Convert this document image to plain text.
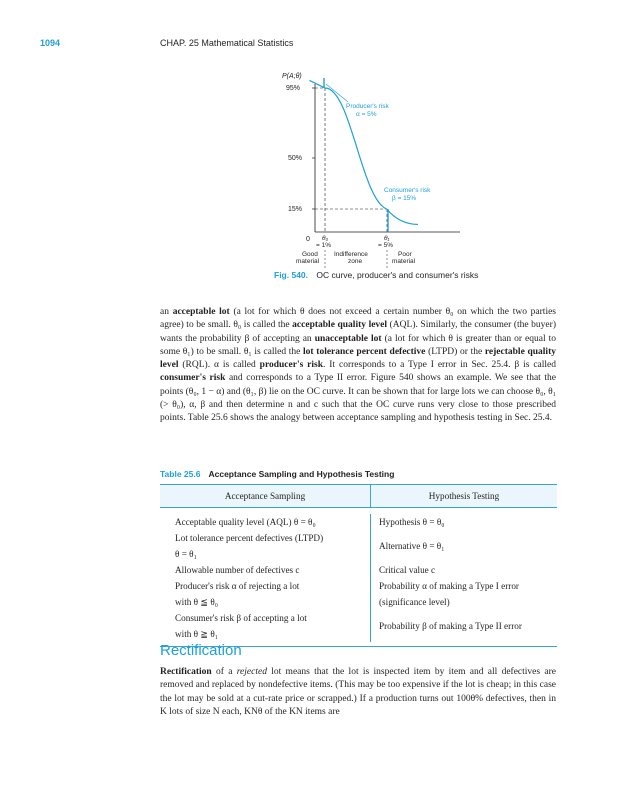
1094	CHAP. 25 Mathematical Statistics
P(A;θ)
95%
50%
15%
0
Producer's risk
α = 5%
Consumer's risk
β = 15%
θ₀
= 1%
θ₁
= 5%
Good
material
Indifference
zone
Poor
material
Fig. 540. OC curve, producer's and consumer's risks
an acceptable lot (a lot for which θ does not exceed a certain number θ₀ on which the two parties agree) to be small. θ₀ is called the acceptable quality level (AQL). Similarly, the consumer (the buyer) wants the probability β of accepting an unacceptable lot (a lot for which θ is greater than or equal to some θ₁) to be small. θ₁ is called the lot tolerance percent defective (LTPD) or the rejectable quality level (RQL). α is called producer's risk. It corresponds to a Type I error in Sec. 25.4. β is called consumer's risk and corresponds to a Type II error. Figure 540 shows an example. We see that the points (θ₀, 1 − α) and (θ₁, β) lie on the OC curve. It can be shown that for large lots we can choose θ₀, θ₁ (> θ₀), α, β and then determine n and c such that the OC curve runs very close to those prescribed points. Table 25.6 shows the analogy between acceptance sampling and hypothesis testing in Sec. 25.4.
Table 25.6 Acceptance Sampling and Hypothesis Testing
Acceptance Sampling	Hypothesis Testing
Acceptable quality level (AQL) θ = θ₀
Lot tolerance percent defectives (LTPD)
θ = θ₁
Allowable number of defectives c
Producer's risk α of rejecting a lot
with θ ≦ θ₀
Consumer's risk β of accepting a lot
with θ ≧ θ₁
Hypothesis θ = θ₀
Alternative θ = θ₁
Critical value c
Probability α of making a Type I error
(significance level)
Probability β of making a Type II error
Rectification
Rectification of a rejected lot means that the lot is inspected item by item and all defectives are removed and replaced by nondefective items. (This may be too expensive if the lot is cheap; in this case the lot may be sold at a cut-rate price or scrapped.) If a production turns out 100θ% defectives, then in K lots of size N each, KNθ of the KN items are
